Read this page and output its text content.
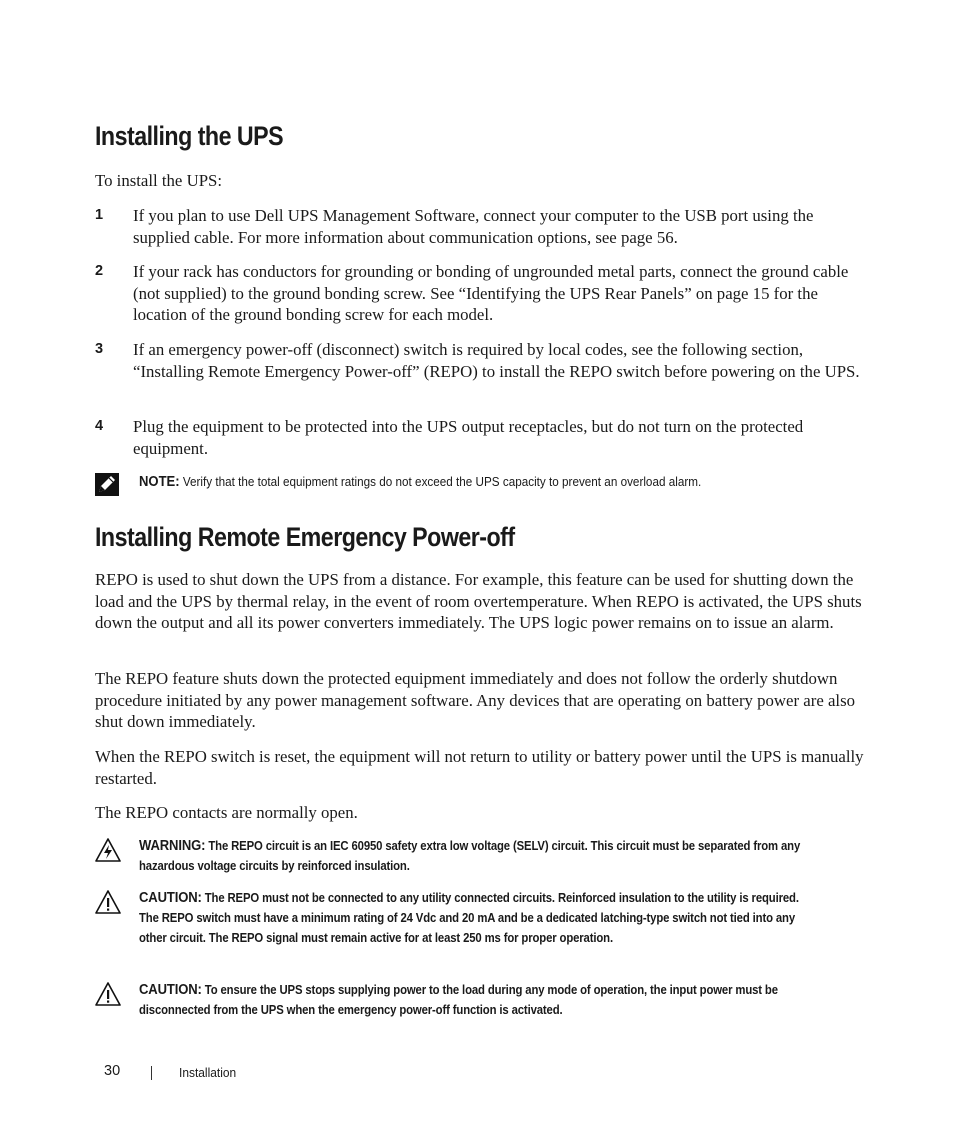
Installing the UPS

To install the UPS:

1 If you plan to use Dell UPS Management Software, connect your computer to the USB port using the supplied cable. For more information about communication options, see page 56.

2 If your rack has conductors for grounding or bonding of ungrounded metal parts, connect the ground cable (not supplied) to the ground bonding screw. See “Identifying the UPS Rear Panels” on page 15 for the location of the ground bonding screw for each model.

3 If an emergency power-off (disconnect) switch is required by local codes, see the following section, “Installing Remote Emergency Power-off” (REPO) to install the REPO switch before powering on the UPS.

4 Plug the equipment to be protected into the UPS output receptacles, but do not turn on the protected equipment.

NOTE: Verify that the total equipment ratings do not exceed the UPS capacity to prevent an overload alarm.

Installing Remote Emergency Power-off

REPO is used to shut down the UPS from a distance. For example, this feature can be used for shutting down the load and the UPS by thermal relay, in the event of room overtemperature. When REPO is activated, the UPS shuts down the output and all its power converters immediately. The UPS logic power remains on to issue an alarm.

The REPO feature shuts down the protected equipment immediately and does not follow the orderly shutdown procedure initiated by any power management software. Any devices that are operating on battery power are also shut down immediately.

When the REPO switch is reset, the equipment will not return to utility or battery power until the UPS is manually restarted.

The REPO contacts are normally open.

WARNING: The REPO circuit is an IEC 60950 safety extra low voltage (SELV) circuit. This circuit must be separated from any hazardous voltage circuits by reinforced insulation.

CAUTION: The REPO must not be connected to any utility connected circuits. Reinforced insulation to the utility is required. The REPO switch must have a minimum rating of 24 Vdc and 20 mA and be a dedicated latching-type switch not tied into any other circuit. The REPO signal must remain active for at least 250 ms for proper operation.

CAUTION: To ensure the UPS stops supplying power to the load during any mode of operation, the input power must be disconnected from the UPS when the emergency power-off function is activated.

30	Installation
